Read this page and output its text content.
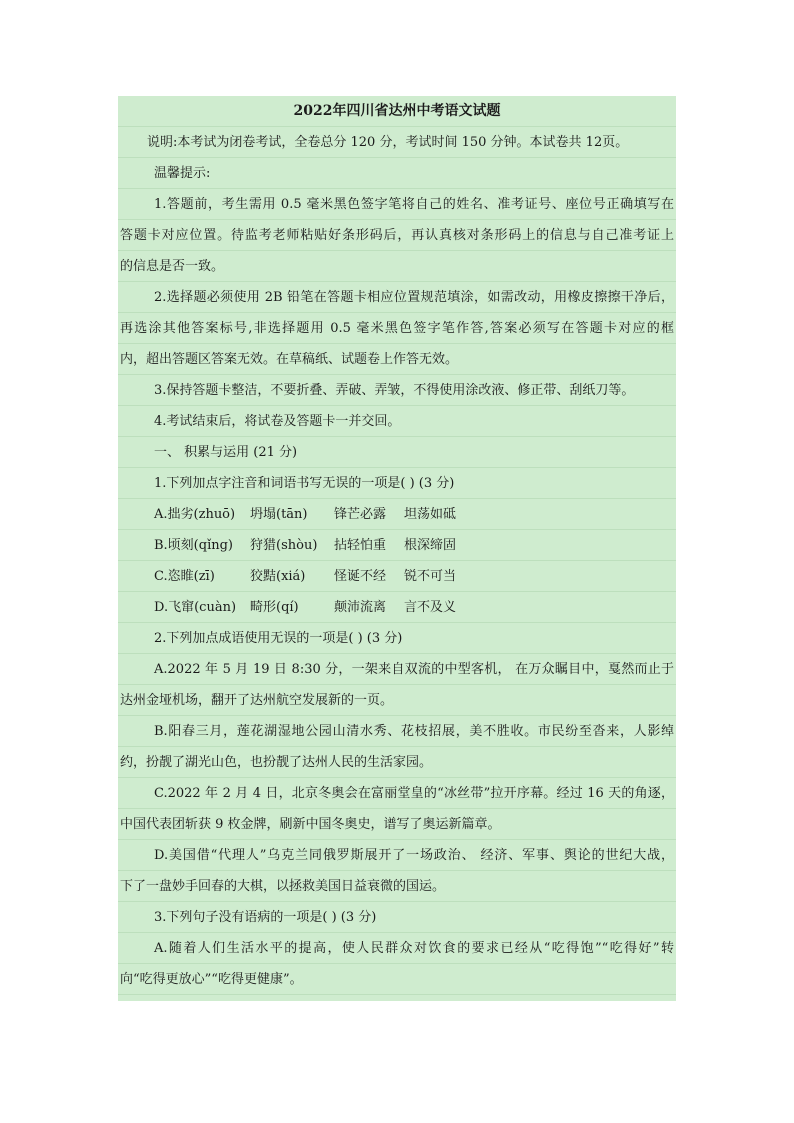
2022年四川省达州中考语文试题
说明:本考试为闭卷考试，全卷总分 120 分，考试时间 150 分钟。本试卷共 12页。
温馨提示:
1.答题前，考生需用 0.5 毫米黑色签字笔将自己的姓名、准考证号、座位号正确填写在
答题卡对应位置。待监考老师粘贴好条形码后，再认真核对条形码上的信息与自己准考证上
的信息是否一致。
2.选择题必须使用 2B 铅笔在答题卡相应位置规范填涂，如需改动，用橡皮擦擦干净后，
再选涂其他答案标号,非选择题用 0.5 毫米黑色签字笔作答,答案必须写在答题卡对应的框
内，超出答题区答案无效。在草稿纸、试题卷上作答无效。
3.保持答题卡整洁，不要折叠、弄破、弄皱，不得使用涂改液、修正带、刮纸刀等。
4.考试结束后，将试卷及答题卡一并交回。
一、 积累与运用 (21 分)
1.下列加点字注音和词语书写无误的一项是( ) (3 分)
A.拙劣(zhuō) 坍塌(tān) 锋芒必露 坦荡如砥
B.顷刻(qǐng) 狩猎(shòu) 拈轻怕重 根深缔固
C.恣睢(zī)	狡黠(xiá) 怪诞不经 锐不可当
D.飞窜(cuàn) 畸形(qí)	颠沛流离 言不及义
2.下列加点成语使用无误的一项是( ) (3 分)
A.2022 年 5 月 19 日 8:30 分，一架来自双流的中型客机， 在万众瞩目中，戛然而止于
达州金垭机场，翻开了达州航空发展新的一页。
B.阳春三月，莲花湖湿地公园山清水秀、花枝招展，美不胜收。市民纷至沓来，人影绰
约，扮靓了湖光山色，也扮靓了达州人民的生活家园。
C.2022 年 2 月 4 日，北京冬奥会在富丽堂皇的“冰丝带”拉开序幕。经过 16 天的角逐，
中国代表团斩获 9 枚金牌，刷新中国冬奥史，谱写了奥运新篇章。
D.美国借“代理人”乌克兰同俄罗斯展开了一场政治、 经济、军事、舆论的世纪大战，
下了一盘妙手回春的大棋，以拯救美国日益衰微的国运。
3.下列句子没有语病的一项是( ) (3 分)
A.随着人们生活水平的提高，使人民群众对饮食的要求已经从“吃得饱”“吃得好”转
向“吃得更放心”“吃得更健康”。
